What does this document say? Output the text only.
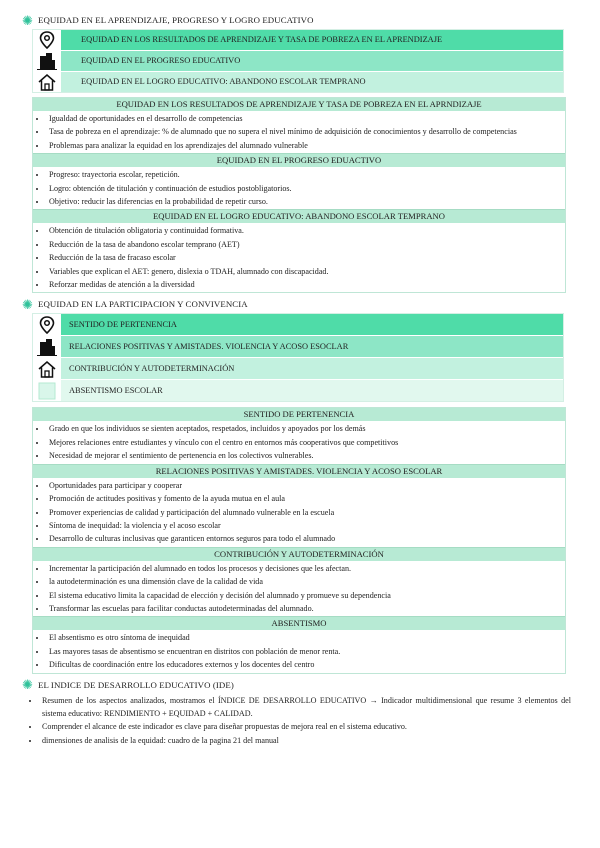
✺ EQUIDAD EN EL APRENDIZAJE, PROGRESO Y LOGRO EDUCATIVO
EQUIDAD EN LOS RESULTADOS DE APRENDIZAJE Y TASA DE POBREZA EN EL APRENDIZAJE
EQUIDAD EN EL PROGRESO EDUCATIVO
EQUIDAD EN EL LOGRO EDUCATIVO: ABANDONO ESCOLAR TEMPRANO
EQUIDAD EN LOS RESULTADOS DE APRENDIZAJE Y TASA DE POBREZA EN EL APRNDIZAJE
• Igualdad de oportunidades en el desarrollo de competencias
• Tasa de pobreza en el aprendizaje: % de alumnado que no supera el nivel mínimo de adquisición de conocimientos y desarrollo de competencias
• Problemas para analizar la equidad en los aprendizajes del alumnado vulnerable
EQUIDAD EN EL PROGRESO EDUACTIVO
• Progreso: trayectoria escolar, repetición.
• Logro: obtención de titulación y continuación de estudios postobligatorios.
• Objetivo: reducir las diferencias en la probabilidad de repetir curso.
EQUIDAD EN EL LOGRO EDUCATIVO: ABANDONO ESCOLAR TEMPRANO
• Obtención de titulación obligatoria y continuidad formativa.
• Reducción de la tasa de abandono escolar temprano (AET)
• Reducción de la tasa de fracaso escolar
• Variables que explican el AET: genero, dislexia o TDAH, alumnado con discapacidad.
• Reforzar medidas de atención a la diversidad
✺ EQUIDAD EN LA PARTICIPACION Y CONVIVENCIA
SENTIDO DE PERTENENCIA
RELACIONES POSITIVAS Y AMISTADES. VIOLENCIA Y ACOSO ESOCLAR
CONTRIBUCIÓN Y AUTODETERMINACIÓN
ABSENTISMO ESCOLAR
SENTIDO DE PERTENENCIA
• Grado en que los individuos se sienten aceptados, respetados, incluidos y apoyados por los demás
• Mejores relaciones entre estudiantes y vínculo con el centro en entornos más cooperativos que competitivos
• Necesidad de mejorar el sentimiento de pertenencia en los colectivos vulnerables.
RELACIONES POSITIVAS Y AMISTADES. VIOLENCIA Y ACOSO ESCOLAR
• Oportunidades para participar y cooperar
• Promoción de actitudes positivas y fomento de la ayuda mutua en el aula
• Promover experiencias de calidad y participación del alumnado vulnerable en la escuela
• Síntoma de inequidad: la violencia y el acoso escolar
• Desarrollo de culturas inclusivas que garanticen entornos seguros para todo el alumnado
CONTRIBUCIÓN Y AUTODETERMINACIÓN
• Incrementar la participación del alumnado en todos los procesos y decisiones que les afectan.
• la autodeterminación es una dimensión clave de la calidad de vida
• El sistema educativo limita la capacidad de elección y decisión del alumnado y promueve su dependencia
• Transformar las escuelas para facilitar conductas autodeterminadas del alumnado.
ABSENTISMO
• El absentismo es otro síntoma de inequidad
• Las mayores tasas de absentismo se encuentran en distritos con población de menor renta.
• Dificultas de coordinación entre los educadores externos y los docentes del centro
✺ EL INDICE DE DESARROLLO EDUCATIVO (IDE)
• Resumen de los aspectos analizados, mostramos el ÍNDICE DE DESARROLLO EDUCATIVO → Indicador multidimensional que resume 3 elementos del sistema educativo: RENDIMIENTO + EQUIDAD + CALIDAD.
• Comprender el alcance de este indicador es clave para diseñar propuestas de mejora real en el sistema educativo.
• dimensiones de analisis de la equidad: cuadro de la pagina 21 del manual
